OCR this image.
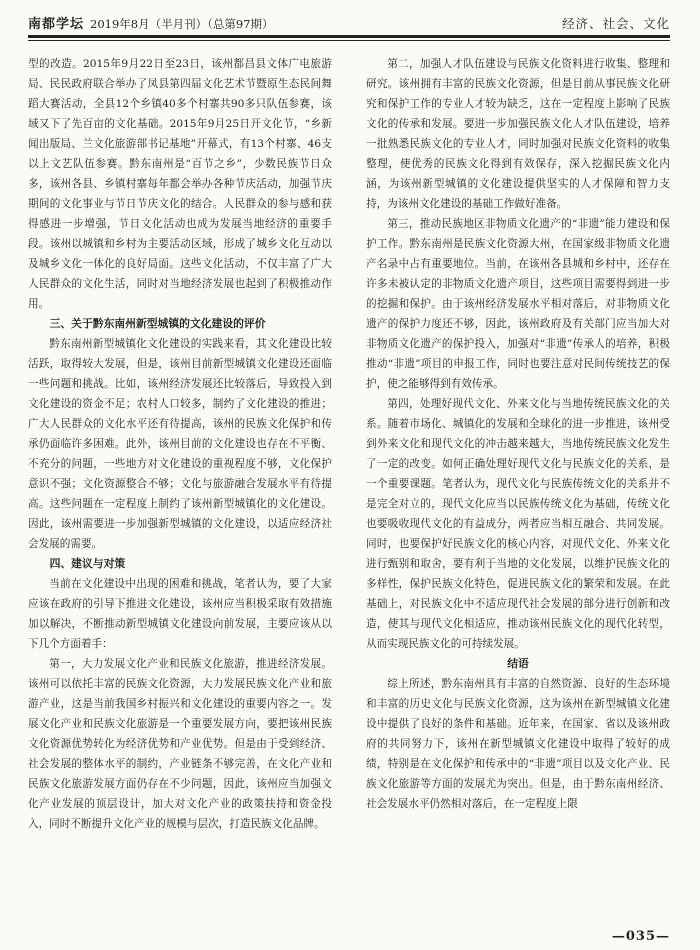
南都学坛 2019年8月（半月刊）（总第97期）	经济、社会、文化

型的改造。2015年9月22日至23日，该州都昌县文体广电旅游局、民民政府联合举办了凤县第四届文化艺术节暨原生态民间舞蹈大赛活动，全县12个乡镇40多个村寨共90多只队伍参赛，该域又下了先百亩的文化基础。2015年9月25日开文化节，“乡新闻出版局、兰文化旅游部书记基地”开幕式，有13个村寨、46支以上文艺队伍参赛。黔东南州是“百节之乡”，少数民族节日众多，该州各县、乡镇村寨每年都会举办各种节庆活动，加强节庆期间的文化事业与节日节庆文化的结合。人民群众的参与感和获得感进一步增强，节日文化活动也成为发展当地经济的重要手段。该州以城镇和乡村为主要活动区域，形成了城乡文化互动以及城乡文化一体化的良好局面。这些文化活动，不仅丰富了广大人民群众的文化生活，同时对当地经济发展也起到了积极推动作用。

三、关于黔东南州新型城镇的文化建设的评价

黔东南州新型城镇化文化建设的实践来看，其文化建设比较活跃，取得较大发展，但是，该州目前新型城镇文化建设还面临一些问题和挑战。比如，该州经济发展还比较落后，导致投入到文化建设的资金不足；农村人口较多，制约了文化建设的推进；广大人民群众的文化水平还有待提高，该州的民族文化保护和传承仍面临许多困难。此外，该州目前的文化建设也存在不平衡、不充分的问题，一些地方对文化建设的重视程度不够，文化保护意识不强；文化资源整合不够；文化与旅游融合发展水平有待提高。这些问题在一定程度上制约了该州新型城镇化的文化建设。因此，该州需要进一步加强新型城镇的文化建设，以适应经济社会发展的需要。

四、建议与对策

当前在文化建设中出现的困难和挑战，笔者认为，要了大家应该在政府的引导下推进文化建设，该州应当积极采取有效措施加以解决，不断推动新型城镇文化建设向前发展，主要应该从以下几个方面着手：

第一，大力发展文化产业和民族文化旅游，推进经济发展。该州可以依托丰富的民族文化资源，大力发展民族文化产业和旅游产业，这是当前我国乡村振兴和文化建设的重要内容之一。发展文化产业和民族文化旅游是一个重要发展方向，要把该州民族文化资源优势转化为经济优势和产业优势。但是由于受到经济、社会发展的整体水平的制约，产业链条不够完善，在文化产业和民族文化旅游发展方面仍存在不少问题，因此，该州应当加强文化产业发展的顶层设计，加大对文化产业的政策扶持和资金投入，同时不断提升文化产业的规模与层次，打造民族文化品牌。

第二，加强人才队伍建设与民族文化资料进行收集、整理和研究。该州拥有丰富的民族文化资源，但是目前从事民族文化研究和保护工作的专业人才较为缺乏，这在一定程度上影响了民族文化的传承和发展。要进一步加强民族文化人才队伍建设，培养一批熟悉民族文化的专业人才，同时加强对民族文化资料的收集整理，使优秀的民族文化得到有效保存，深入挖掘民族文化内涵，为该州新型城镇的文化建设提供坚实的人才保障和智力支持，为该州文化建设的基础工作做好准备。

第三，推动民族地区非物质文化遗产的“非遗”能力建设和保护工作。黔东南州是民族文化资源大州，在国家级非物质文化遗产名录中占有重要地位。当前，在该州各县城和乡村中，还存在许多未被认定的非物质文化遗产项目，这些项目需要得到进一步的挖掘和保护。由于该州经济发展水平相对落后，对非物质文化遗产的保护力度还不够，因此，该州政府及有关部门应当加大对非物质文化遗产的保护投入，加强对“非遗”传承人的培养，积极推动“非遗”项目的申报工作，同时也要注意对民间传统技艺的保护，使之能够得到有效传承。

第四，处理好现代文化、外来文化与当地传统民族文化的关系。随着市场化、城镇化的发展和全球化的进一步推进，该州受到外来文化和现代文化的冲击越来越大，当地传统民族文化发生了一定的改变。如何正确处理好现代文化与民族文化的关系，是一个重要课题。笔者认为，现代文化与民族传统文化的关系并不是完全对立的，现代文化应当以民族传统文化为基础，传统文化也要吸收现代文化的有益成分，两者应当相互融合、共同发展。同时，也要保护好民族文化的核心内容，对现代文化、外来文化进行甄别和取舍，要有利于当地的文化发展，以维护民族文化的多样性，保护民族文化特色，促进民族文化的繁荣和发展。在此基础上，对民族文化中不适应现代社会发展的部分进行创新和改造，使其与现代文化相适应，推动该州民族文化的现代化转型，从而实现民族文化的可持续发展。

结语

综上所述，黔东南州具有丰富的自然资源、良好的生态环境和丰富的历史文化与民族文化资源，这为该州在新型城镇文化建设中提供了良好的条件和基础。近年来，在国家、省以及该州政府的共同努力下，该州在新型城镇文化建设中取得了较好的成绩，特别是在文化保护和传承中的“非遗”项目以及文化产业、民族文化旅游等方面的发展尤为突出。但是，由于黔东南州经济、社会发展水平仍然相对落后，在一定程度上限

—035—
